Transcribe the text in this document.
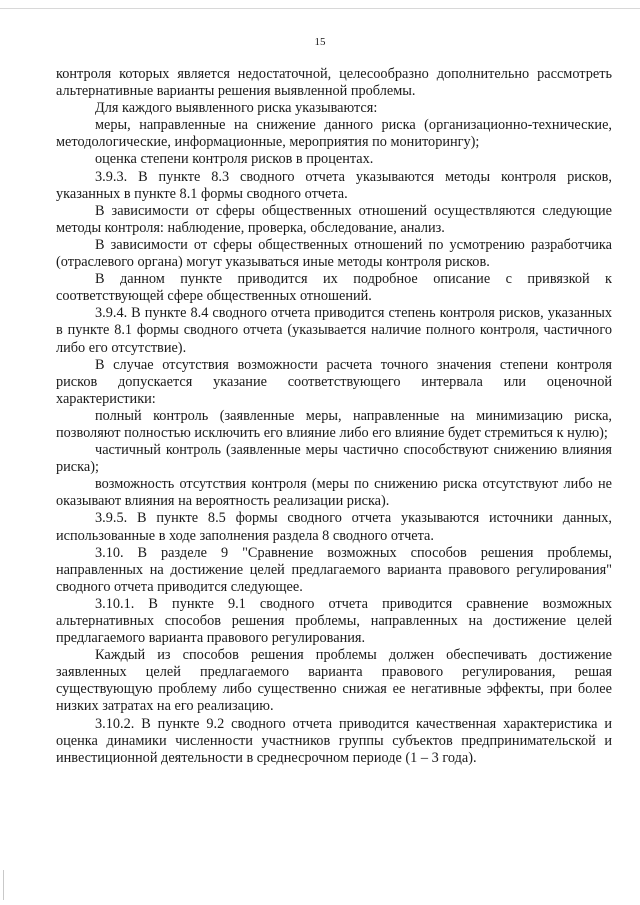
15

контроля которых является недостаточной, целесообразно дополнительно рассмотреть альтернативные варианты решения выявленной проблемы.

Для каждого выявленного риска указываются:

меры, направленные на снижение данного риска (организационно-технические, методологические, информационные, мероприятия по мониторингу);

оценка степени контроля рисков в процентах.

3.9.3. В пункте 8.3 сводного отчета указываются методы контроля рисков, указанных в пункте 8.1 формы сводного отчета.

В зависимости от сферы общественных отношений осуществляются следующие методы контроля: наблюдение, проверка, обследование, анализ.

В зависимости от сферы общественных отношений по усмотрению разработчика (отраслевого органа) могут указываться иные методы контроля рисков.

В данном пункте приводится их подробное описание с привязкой к соответствующей сфере общественных отношений.

3.9.4. В пункте 8.4 сводного отчета приводится степень контроля рисков, указанных в пункте 8.1 формы сводного отчета (указывается наличие полного контроля, частичного либо его отсутствие).

В случае отсутствия возможности расчета точного значения степени контроля рисков допускается указание соответствующего интервала или оценочной характеристики:

полный контроль (заявленные меры, направленные на минимизацию риска, позволяют полностью исключить его влияние либо его влияние будет стремиться к нулю);

частичный контроль (заявленные меры частично способствуют снижению влияния риска);

возможность отсутствия контроля (меры по снижению риска отсутствуют либо не оказывают влияния на вероятность реализации риска).

3.9.5. В пункте 8.5 формы сводного отчета указываются источники данных, использованные в ходе заполнения раздела 8 сводного отчета.

3.10. В разделе 9 "Сравнение возможных способов решения проблемы, направленных на достижение целей предлагаемого варианта правового регулирования" сводного отчета приводится следующее.

3.10.1. В пункте 9.1 сводного отчета приводится сравнение возможных альтернативных способов решения проблемы, направленных на достижение целей предлагаемого варианта правового регулирования.

Каждый из способов решения проблемы должен обеспечивать достижение заявленных целей предлагаемого варианта правового регулирования, решая существующую проблему либо существенно снижая ее негативные эффекты, при более низких затратах на его реализацию.

3.10.2. В пункте 9.2 сводного отчета приводится качественная характеристика и оценка динамики численности участников группы субъектов предпринимательской и инвестиционной деятельности в среднесрочном периоде (1 – 3 года).
